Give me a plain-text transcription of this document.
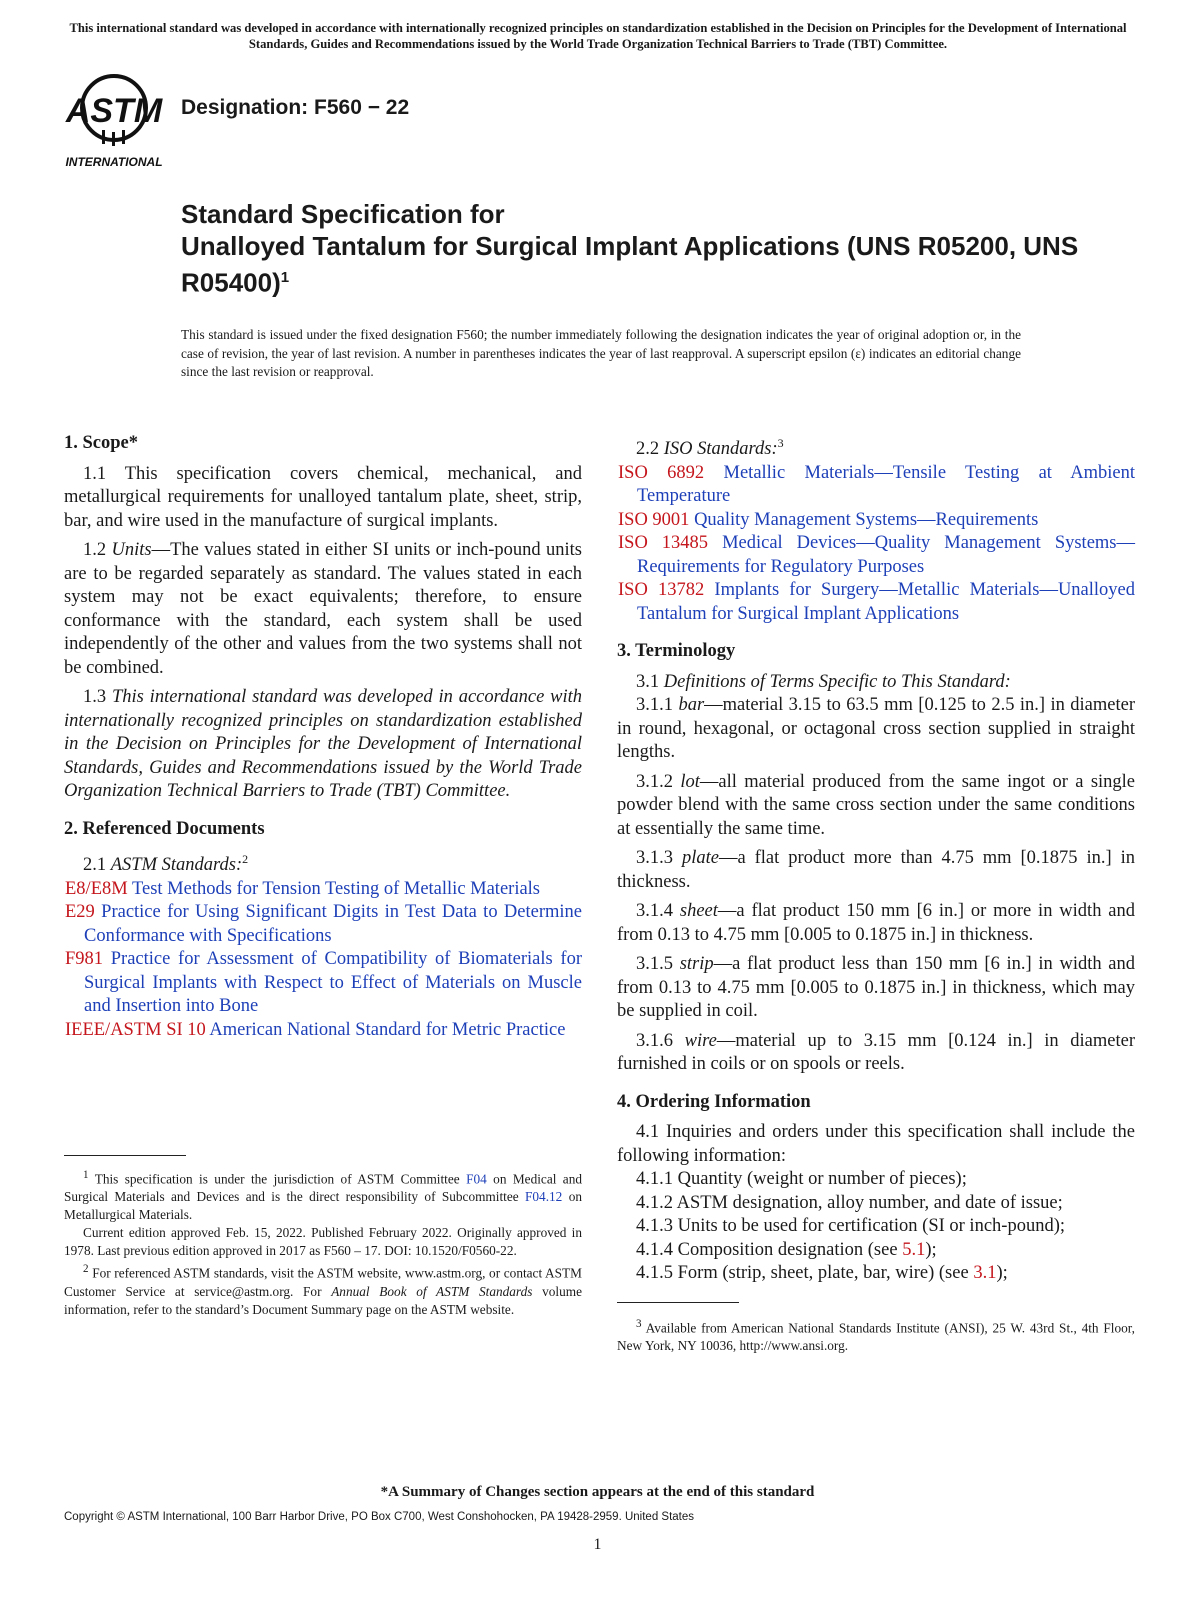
This international standard was developed in accordance with internationally recognized principles on standardization established in the Decision on Principles for the Development of International Standards, Guides and Recommendations issued by the World Trade Organization Technical Barriers to Trade (TBT) Committee.
ASTM
INTERNATIONAL
Designation: F560 − 22
Standard Specification for
Unalloyed Tantalum for Surgical Implant Applications (UNS R05200, UNS R05400)$^1$
This standard is issued under the fixed designation F560; the number immediately following the designation indicates the year of original adoption or, in the case of revision, the year of last revision. A number in parentheses indicates the year of last reapproval. A superscript epsilon (ε) indicates an editorial change since the last revision or reapproval.
1. Scope*

1.1 This specification covers chemical, mechanical, and metallurgical requirements for unalloyed tantalum plate, sheet, strip, bar, and wire used in the manufacture of surgical implants.

1.2 Units—The values stated in either SI units or inch-pound units are to be regarded separately as standard. The values stated in each system may not be exact equivalents; therefore, to ensure conformance with the standard, each system shall be used independently of the other and values from the two systems shall not be combined.

1.3 This international standard was developed in accordance with internationally recognized principles on standardization established in the Decision on Principles for the Development of International Standards, Guides and Recommendations issued by the World Trade Organization Technical Barriers to Trade (TBT) Committee.

2. Referenced Documents
2.1 ASTM Standards:$^2$
E8/E8M Test Methods for Tension Testing of Metallic Materials
E29 Practice for Using Significant Digits in Test Data to Determine Conformance with Specifications
F981 Practice for Assessment of Compatibility of Biomaterials for Surgical Implants with Respect to Effect of Materials on Muscle and Insertion into Bone
IEEE/ASTM SI 10 American National Standard for Metric Practice

$^1$ This specification is under the jurisdiction of ASTM Committee F04 on Medical and Surgical Materials and Devices and is the direct responsibility of Subcommittee F04.12 on Metallurgical Materials.

Current edition approved Feb. 15, 2022. Published February 2022. Originally approved in 1978. Last previous edition approved in 2017 as F560 – 17. DOI: 10.1520/F0560-22.

$^2$ For referenced ASTM standards, visit the ASTM website, www.astm.org, or contact ASTM Customer Service at service@astm.org. For Annual Book of ASTM Standards volume information, refer to the standard’s Document Summary page on the ASTM website.

2.2 ISO Standards:$^3$
ISO 6892 Metallic Materials—Tensile Testing at Ambient Temperature
ISO 9001 Quality Management Systems—Requirements
ISO 13485 Medical Devices—Quality Management Systems—Requirements for Regulatory Purposes
ISO 13782 Implants for Surgery—Metallic Materials—Unalloyed Tantalum for Surgical Implant Applications
3. Terminology

3.1 Definitions of Terms Specific to This Standard:

3.1.1 bar—material 3.15 to 63.5 mm [0.125 to 2.5 in.] in diameter in round, hexagonal, or octagonal cross section supplied in straight lengths.

3.1.2 lot—all material produced from the same ingot or a single powder blend with the same cross section under the same conditions at essentially the same time.

3.1.3 plate—a flat product more than 4.75 mm [0.1875 in.] in thickness.

3.1.4 sheet—a flat product 150 mm [6 in.] or more in width and from 0.13 to 4.75 mm [0.005 to 0.1875 in.] in thickness.

3.1.5 strip—a flat product less than 150 mm [6 in.] in width and from 0.13 to 4.75 mm [0.005 to 0.1875 in.] in thickness, which may be supplied in coil.

3.1.6 wire—material up to 3.15 mm [0.124 in.] in diameter furnished in coils or on spools or reels.

4. Ordering Information

4.1 Inquiries and orders under this specification shall include the following information:

4.1.1 Quantity (weight or number of pieces);
4.1.2 ASTM designation, alloy number, and date of issue;
4.1.3 Units to be used for certification (SI or inch-pound);
4.1.4 Composition designation (see 5.1);
4.1.5 Form (strip, sheet, plate, bar, wire) (see 3.1);

$^3$ Available from American National Standards Institute (ANSI), 25 W. 43rd St., 4th Floor, New York, NY 10036, http://www.ansi.org.

*A Summary of Changes section appears at the end of this standard
Copyright © ASTM International, 100 Barr Harbor Drive, PO Box C700, West Conshohocken, PA 19428-2959. United States
1
